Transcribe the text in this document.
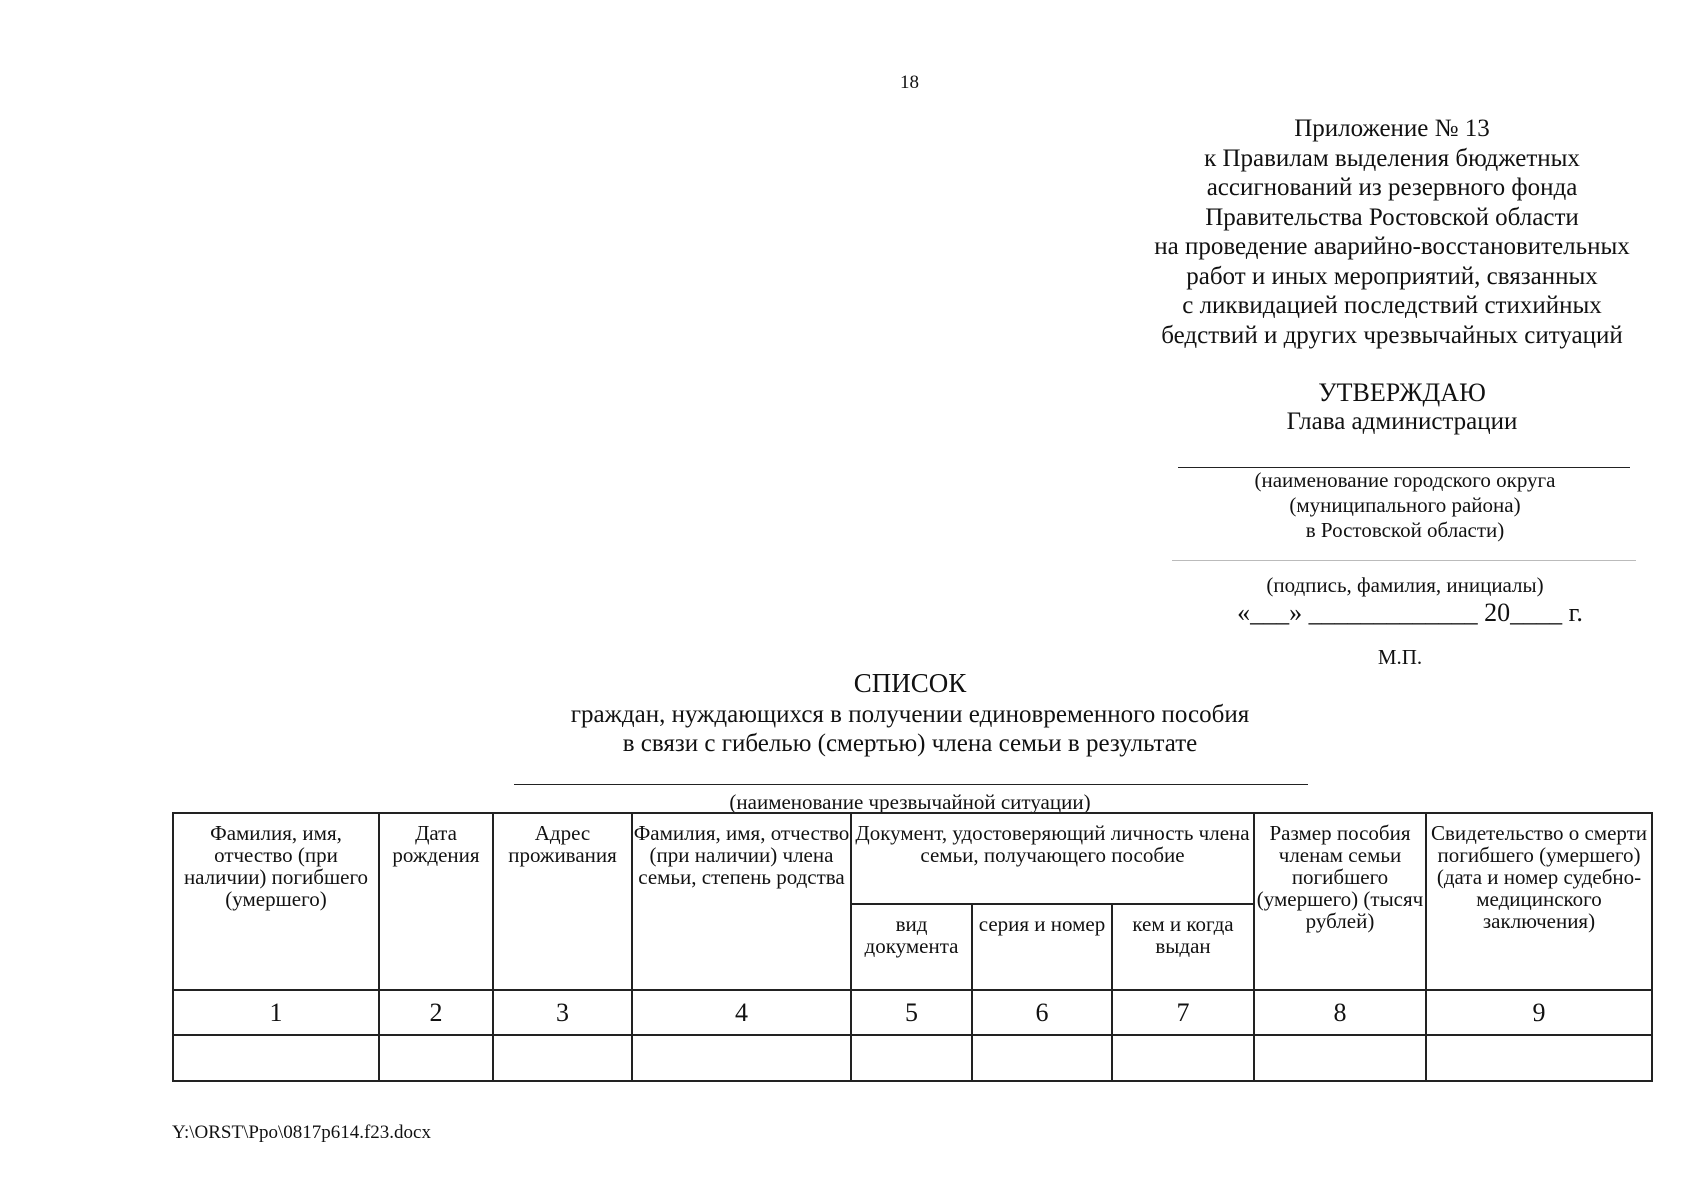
18
Приложение № 13
к Правилам выделения бюджетных
ассигнований из резервного фонда
Правительства Ростовской области
на проведение аварийно-восстановительных
работ и иных мероприятий, связанных
с ликвидацией последствий стихийных
бедствий и других чрезвычайных ситуаций
УТВЕРЖДАЮ
Глава администрации
(наименование городского округа
(муниципального района)
в Ростовской области)
(подпись, фамилия, инициалы)
«___» _____________ 20____ г.
М.П.
СПИСОК
граждан, нуждающихся в получении единовременного пособия
в связи с гибелью (смертью) члена семьи в результате
(наименование чрезвычайной ситуации)
Фамилия, имя, отчество (при наличии) погибшего (умершего)	Дата рождения	Адрес проживания	Фамилия, имя, отчество (при наличии) члена семьи, степень родства	Документ, удостоверяющий личность члена семьи, получающего пособие			Размер пособия членам семьи погибшего (умершего) (тысяч рублей)	Свидетельство о смерти погибшего (умершего) (дата и номер судебно-медицинского заключения)
				вид документа	серия и номер	кем и когда выдан		
1	2	3	4	5	6	7	8	9

Y:\ORST\Ppo\0817p614.f23.docx
